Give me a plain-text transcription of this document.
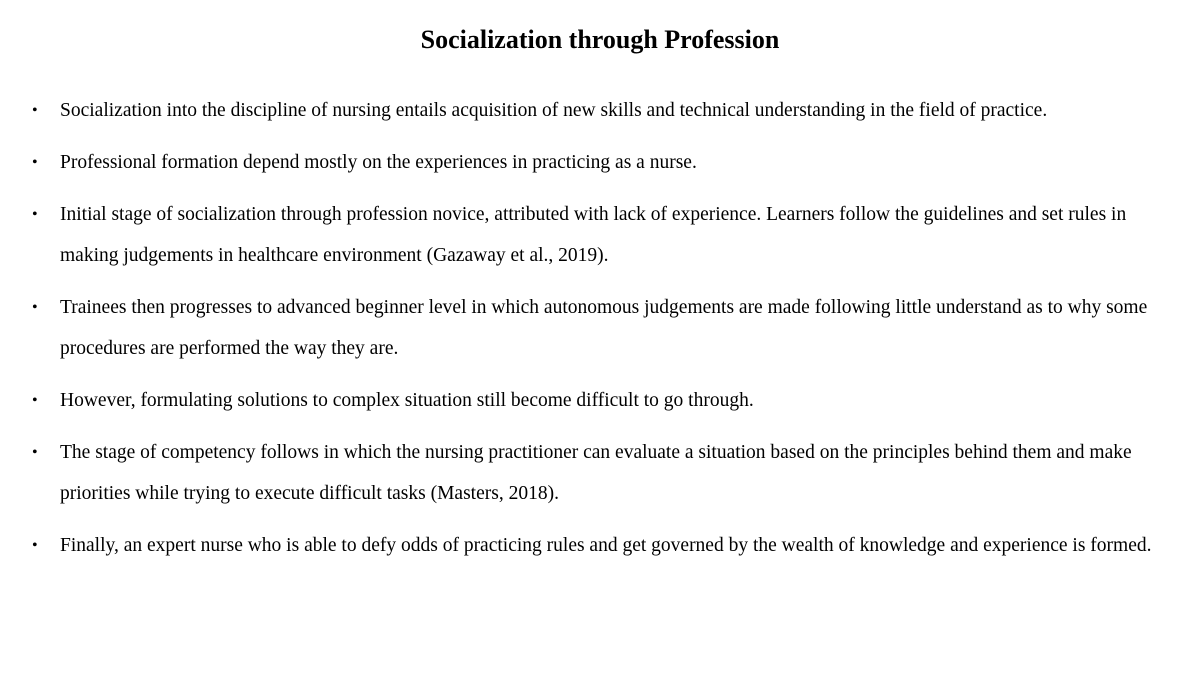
Socialization through Profession
• Socialization into the discipline of nursing entails acquisition of new skills and technical understanding in the field of practice.
• Professional formation depend mostly on the experiences in practicing as a nurse.
• Initial stage of socialization through profession novice, attributed with lack of experience. Learners follow the guidelines and set rules in making judgements in healthcare environment (Gazaway et al., 2019).
• Trainees then progresses to advanced beginner level in which autonomous judgements are made following little understand as to why some procedures are performed the way they are.
• However, formulating solutions to complex situation still become difficult to go through.
• The stage of competency follows in which the nursing practitioner can evaluate a situation based on the principles behind them and make priorities while trying to execute difficult tasks (Masters, 2018).
• Finally, an expert nurse who is able to defy odds of practicing rules and get governed by the wealth of knowledge and experience is formed.
